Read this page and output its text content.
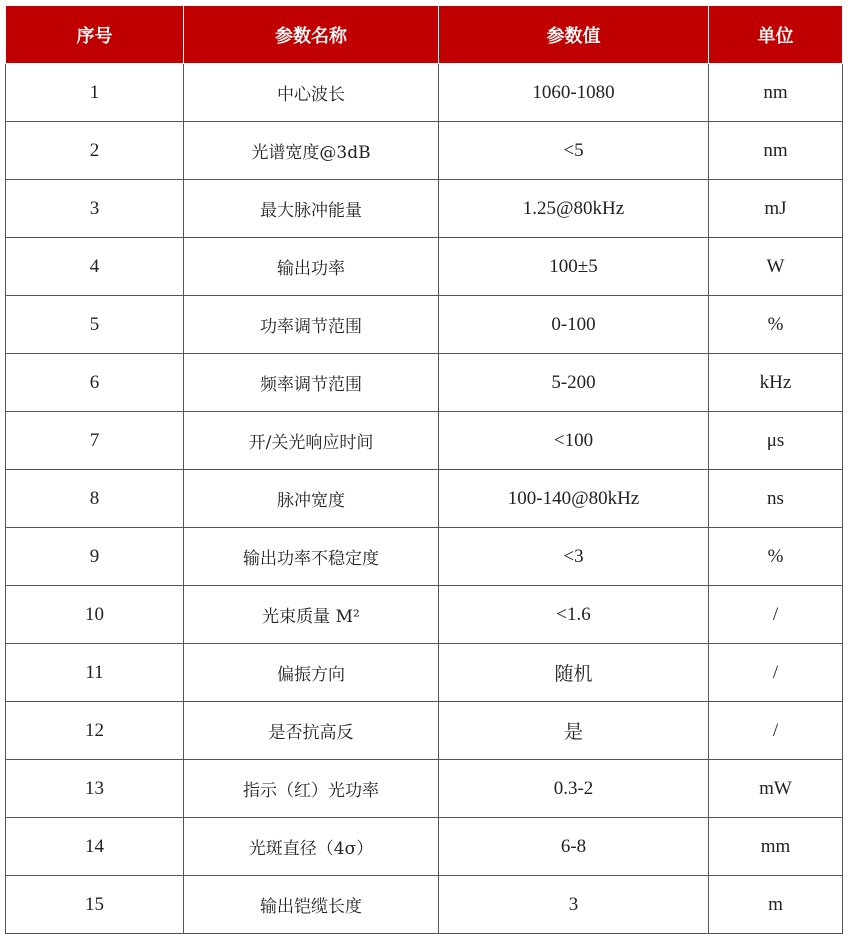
序号	参数名称	参数值	单位
1	中心波长	1060-1080	nm
2	光谱宽度@3dB	<5	nm
3	最大脉冲能量	1.25@80kHz	mJ
4	输出功率	100±5	W
5	功率调节范围	0-100	%
6	频率调节范围	5-200	kHz
7	开/关光响应时间	<100	μs
8	脉冲宽度	100-140@80kHz	ns
9	输出功率不稳定度	<3	%
10	光束质量 M²	<1.6	/
11	偏振方向	随机	/
12	是否抗高反	是	/
13	指示（红）光功率	0.3-2	mW
14	光斑直径（4σ）	6-8	mm
15	输出铠缆长度	3	m
